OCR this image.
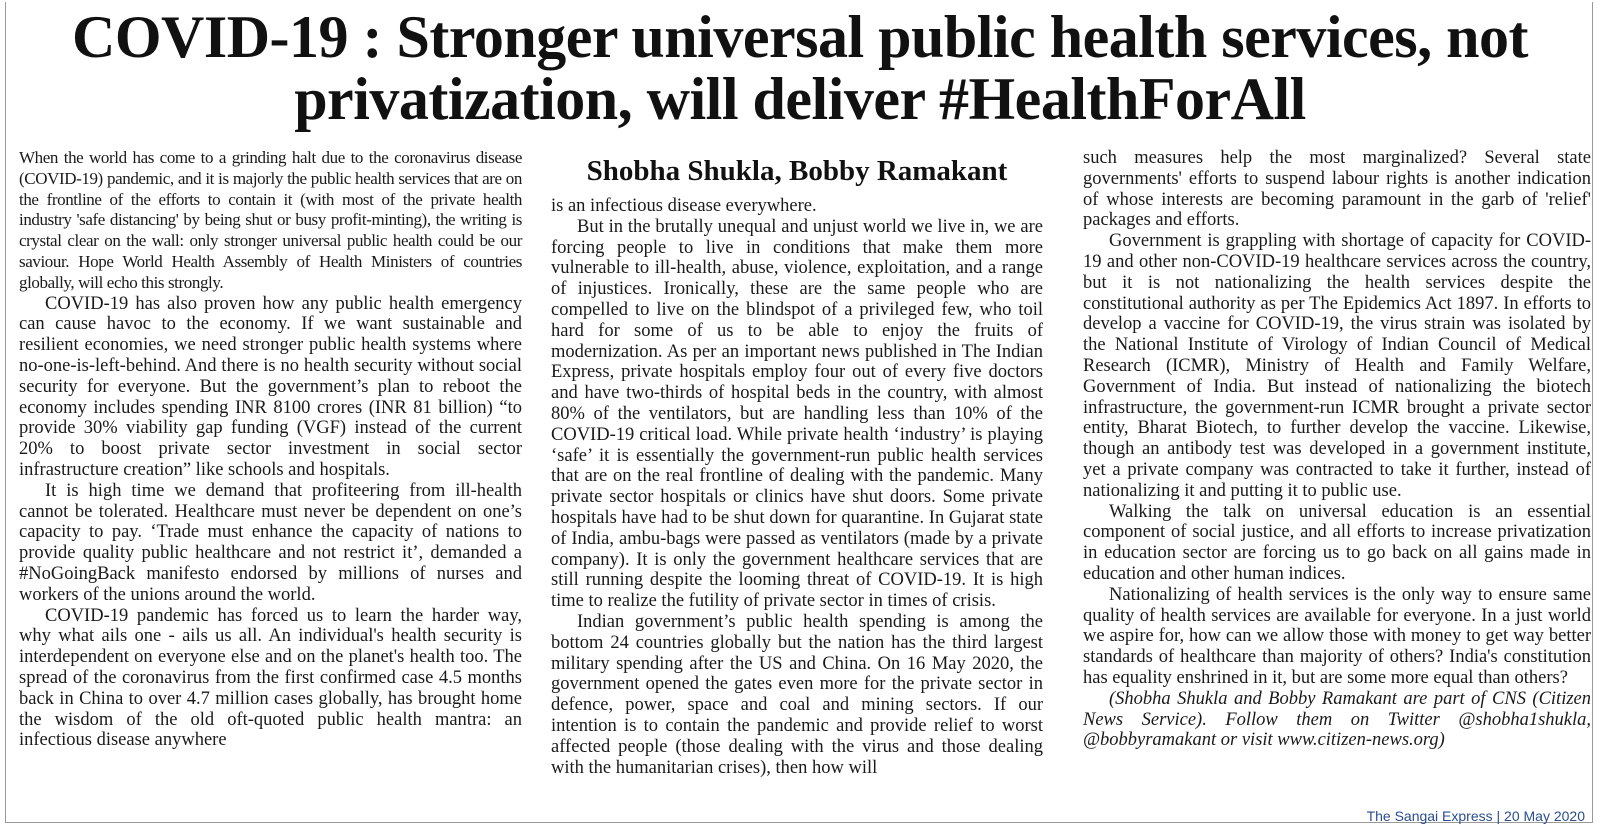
COVID-19 : Stronger universal public health services, not privatization, will deliver #HealthForAll

When the world has come to a grinding halt due to the coronavirus disease (COVID-19) pandemic, and it is majorly the public health services that are on the frontline of the efforts to contain it (with most of the private health industry 'safe distancing' by being shut or busy profit-minting), the writing is crystal clear on the wall: only stronger universal public health could be our saviour. Hope World Health Assembly of Health Ministers of countries globally, will echo this strongly.

COVID-19 has also proven how any public health emergency can cause havoc to the economy. If we want sustainable and resilient economies, we need stronger public health systems where no-one-is-left-behind. And there is no health security without social security for everyone. But the government’s plan to reboot the economy includes spending INR 8100 crores (INR 81 billion) “to provide 30% viability gap funding (VGF) instead of the current 20% to boost private sector investment in social sector infrastructure creation” like schools and hospitals.

It is high time we demand that profiteering from ill-health cannot be tolerated. Healthcare must never be dependent on one’s capacity to pay. ‘Trade must enhance the capacity of nations to provide quality public healthcare and not restrict it’, demanded a #NoGoingBack manifesto endorsed by millions of nurses and workers of the unions around the world.

COVID-19 pandemic has forced us to learn the harder way, why what ails one - ails us all. An individual's health security is interdependent on everyone else and on the planet's health too. The spread of the coronavirus from the first confirmed case 4.5 months back in China to over 4.7 million cases globally, has brought home the wisdom of the old oft-quoted public health mantra: an infectious disease anywhere

Shobha Shukla, Bobby Ramakant

is an infectious disease everywhere.

But in the brutally unequal and unjust world we live in, we are forcing people to live in conditions that make them more vulnerable to ill-health, abuse, violence, exploitation, and a range of injustices. Ironically, these are the same people who are compelled to live on the blindspot of a privileged few, who toil hard for some of us to be able to enjoy the fruits of modernization. As per an important news published in The Indian Express, private hospitals employ four out of every five doctors and have two-thirds of hospital beds in the country, with almost 80% of the ventilators, but are handling less than 10% of the COVID-19 critical load. While private health ‘industry’ is playing ‘safe’ it is essentially the government-run public health services that are on the real frontline of dealing with the pandemic. Many private sector hospitals or clinics have shut doors. Some private hospitals have had to be shut down for quarantine. In Gujarat state of India, ambu-bags were passed as ventilators (made by a private company). It is only the government healthcare services that are still running despite the looming threat of COVID-19. It is high time to realize the futility of private sector in times of crisis.

Indian government’s public health spending is among the bottom 24 countries globally but the nation has the third largest military spending after the US and China. On 16 May 2020, the government opened the gates even more for the private sector in defence, power, space and coal and mining sectors. If our intention is to contain the pandemic and provide relief to worst affected people (those dealing with the virus and those dealing with the humanitarian crises), then how will

such measures help the most marginalized? Several state governments' efforts to suspend labour rights is another indication of whose interests are becoming paramount in the garb of 'relief' packages and efforts.

Government is grappling with shortage of capacity for COVID-19 and other non-COVID-19 healthcare services across the country, but it is not nationalizing the health services despite the constitutional authority as per The Epidemics Act 1897. In efforts to develop a vaccine for COVID-19, the virus strain was isolated by the National Institute of Virology of Indian Council of Medical Research (ICMR), Ministry of Health and Family Welfare, Government of India. But instead of nationalizing the biotech infrastructure, the government-run ICMR brought a private sector entity, Bharat Biotech, to further develop the vaccine. Likewise, though an antibody test was developed in a government institute, yet a private company was contracted to take it further, instead of nationalizing it and putting it to public use.

Walking the talk on universal education is an essential component of social justice, and all efforts to increase privatization in education sector are forcing us to go back on all gains made in education and other human indices.

Nationalizing of health services is the only way to ensure same quality of health services are available for everyone. In a just world we aspire for, how can we allow those with money to get way better standards of healthcare than majority of others? India's constitution has equality enshrined in it, but are some more equal than others?

(Shobha Shukla and Bobby Ramakant are part of CNS (Citizen News Service). Follow them on Twitter @shobha1shukla, @bobbyramakant or visit www.citizen-news.org)

The Sangai Express | 20 May 2020
